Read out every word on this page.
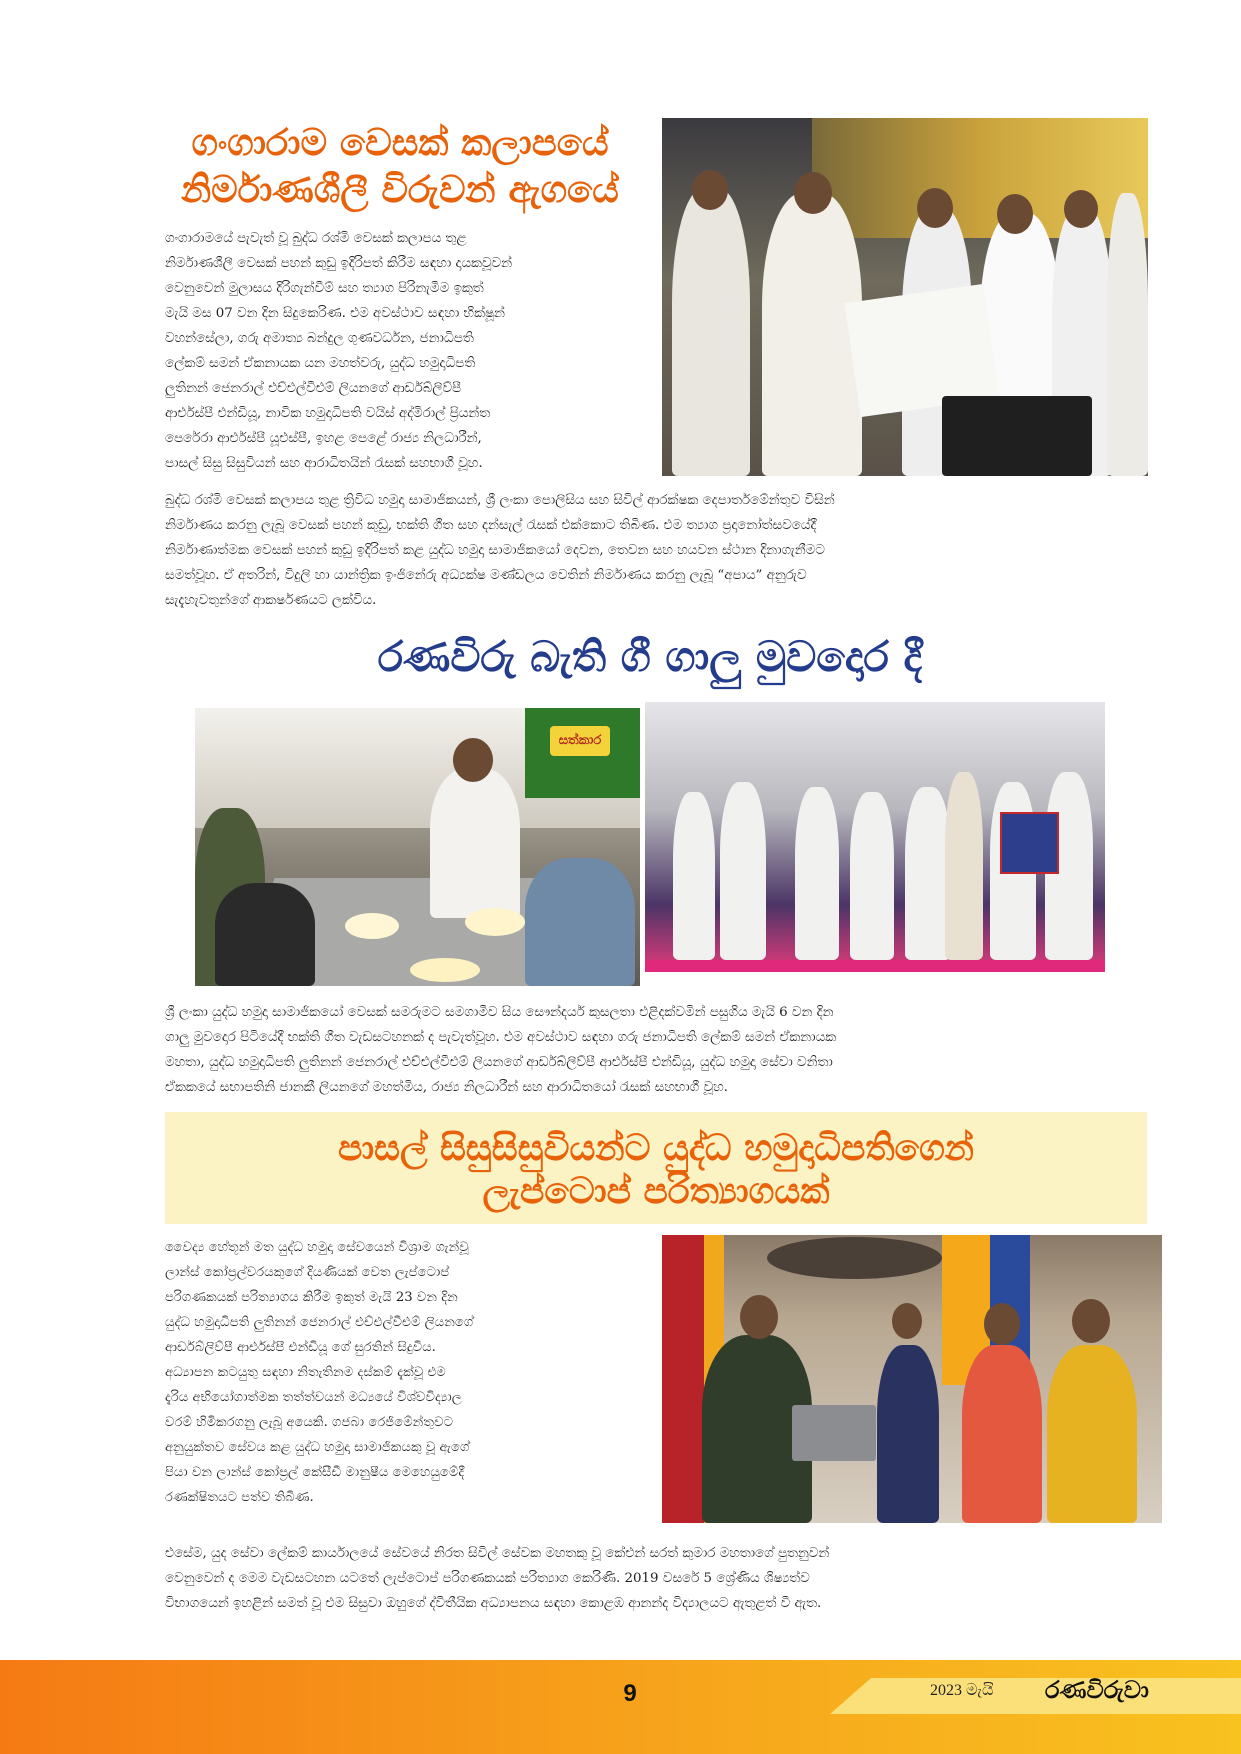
ගංගාරාම වෙසක් කලාපයේ
නිර්මාණශීලී විරුවන් ඇගයේ
ගංගාරාමයේ පැවැත් වූ බුද්ධ රශ්මි වෙසක් කලාපය තුළ
නිර්මාණශීලී වෙසක් පහන් කුඩු ඉදිරිපත් කිරීම සඳහා දායකවූවන්
වෙනුවෙන් මුලාසය දිරිගැන්වීම් සහ ත්‍යාග පිරිනැමීම ඉකුත්
මැයි මස 07 වන දින සිදුකෙරිණ. එම අවස්ථාව සඳහා භික්ෂූන්
වහන්සේලා, ගරු අමාත්‍ය බන්දුල ගුණවර්ධන, ජනාධිපති
ලේකම් සමන් ඒකනායක යන මහත්වරු, යුද්ධ හමුදාධිපති
ලුතිනන් ජෙනරාල් එච්එල්වීඑම් ලියනගේ ආර්ඩබ්ලිව්පී
ආර්එස්පී එන්ඩියූ, නාවික හමුදාධිපති වයිස් අද්මිරාල් ප්‍රියන්ත
පෙරේරා ආර්එස්පී යූඑස්පී, ඉහළ පෙළේ රාජ්‍ය නිලධාරීන්,
පාසල් සිසු සිසුවියන් සහ ආරාධිතයින් රැසක් සහභාගී වූහ.
බුද්ධ රශ්මි වෙසක් කලාපය තුළ ත්‍රිවිධ හමුදා සාමාජිකයන්, ශ්‍රී ලංකා පොලිසිය සහ සිවිල් ආරක්ෂක දෙපාර්තමේන්තුව විසින්
නිර්මාණය කරනු ලැබූ වෙසක් පහන් කුඩු, භක්ති ගීත සහ දන්සැල් රැසක් එක්කොට තිබිණ. එම ත්‍යාග ප්‍රදානෝත්සවයේදී
නිර්මාණාත්මක වෙසක් පහන් කුඩු ඉදිරිපත් කළ යුද්ධ හමුදා සාමාජිකයෝ දෙවන, තෙවන සහ හයවන ස්ථාන දිනාගැනීමට
සමත්වූහ. ඒ අතරින්, විදුලි හා යාන්ත්‍රික ඉංජිනේරු අධ්‍යක්ෂ මණ්ඩලය වෙතින් නිර්මාණය කරනු ලැබූ “අපාය” අනුරුව
සැදැහැවතුන්ගේ ආකර්ෂණයට ලක්විය.
රණවිරු බැති ගී ගාලු මුවදොර දී
සත්කාර
ශ්‍රී ලංකා යුද්ධ හමුදා සාමාජිකයෝ වෙසක් සමරුමට සමගාමීව සිය සෞන්දර්ය කුසලතා එළිදක්වමින් පසුගිය මැයි 6 වන දින
ගාලු මුවදොර පිටියේදී භක්ති ගීත වැඩසටහනක් ද පැවැත්වූහ. එම අවස්ථාව සඳහා ගරු ජනාධිපති ලේකම් සමන් ඒකනායක
මහතා, යුද්ධ හමුදාධිපති ලුතිනන් ජෙනරාල් එච්එල්වීඑම් ලියනගේ ආර්ඩබ්ලිව්පී ආර්එස්පී එන්ඩියූ, යුද්ධ හමුදා සේවා වනිතා
ඒකකයේ සභාපතිනි ජානකී ලියනගේ මහත්මිය, රාජ්‍ය නිලධාරීන් සහ ආරාධිතයෝ රැසක් සහභාගී වූහ.
පාසල් සිසුසිසුවියන්ට යුද්ධ හමුදාධිපතිගෙන්
ලැප්ටොප් පරිත්‍යාගයක්
වෛද්‍ය හේතූන් මත යුද්ධ හමුදා සේවයෙන් විශ්‍රාම ගැන්වූ
ලාන්ස් කෝප්‍රල්වරයකුගේ දියණියක් වෙත ලැප්ටොප්
පරිගණකයක් පරිත්‍යාගය කිරීම ඉකුත් මැයි 23 වන දින
යුද්ධ හමුදාධිපති ලුතිනන් ජෙනරාල් එච්එල්වීඑම් ලියනගේ
ආර්ඩබ්ලිව්පී ආර්එස්පී එන්ඩියූ ගේ සුරතින් සිදුවිය.
අධ්‍යාපන කටයුතු සඳහා නිතැතිනම දස්කම් දැක්වූ එම
දැරිය අභියෝගාත්මක තත්ත්වයන් මධ්‍යයේ විශ්වවිද්‍යාල
වරම් හිමිකරගනු ලැබූ අයෙකි. ගජබා රෙජිමේන්තුවට
අනුයුක්තව සේවය කළ යුද්ධ හමුදා සාමාජිකයකු වූ ඇගේ
පියා වන ලාන්ස් කෝප්‍රල් කේසීඩී මානුෂීය මෙහෙයුමේදී
රණක්ෂිතයට පත්ව තිබිණ.
එසේම, යුද සේවා ලේකම් කාර්යාලයේ සේවයේ නිරත සිවිල් සේවක මහතකු වූ කේඑන් සරත් කුමාර මහතාගේ පුතනුවන්
වෙනුවෙන් ද මෙම වැඩසටහන යටතේ ලැප්ටොප් පරිගණකයක් පරිත්‍යාග කෙරිණි. 2019 වසරේ 5 ශ්‍රේණිය ශිෂ්‍යත්ව
විභාගයෙන් ඉහළින් සමත් වූ එම සිසුවා ඔහුගේ ද්විතීයික අධ්‍යාපනය සඳහා කොළඹ ආනන්ද විද්‍යාලයට ඇතුළත් වී ඇත.
9	2023 මැයි	රණවිරුවා
